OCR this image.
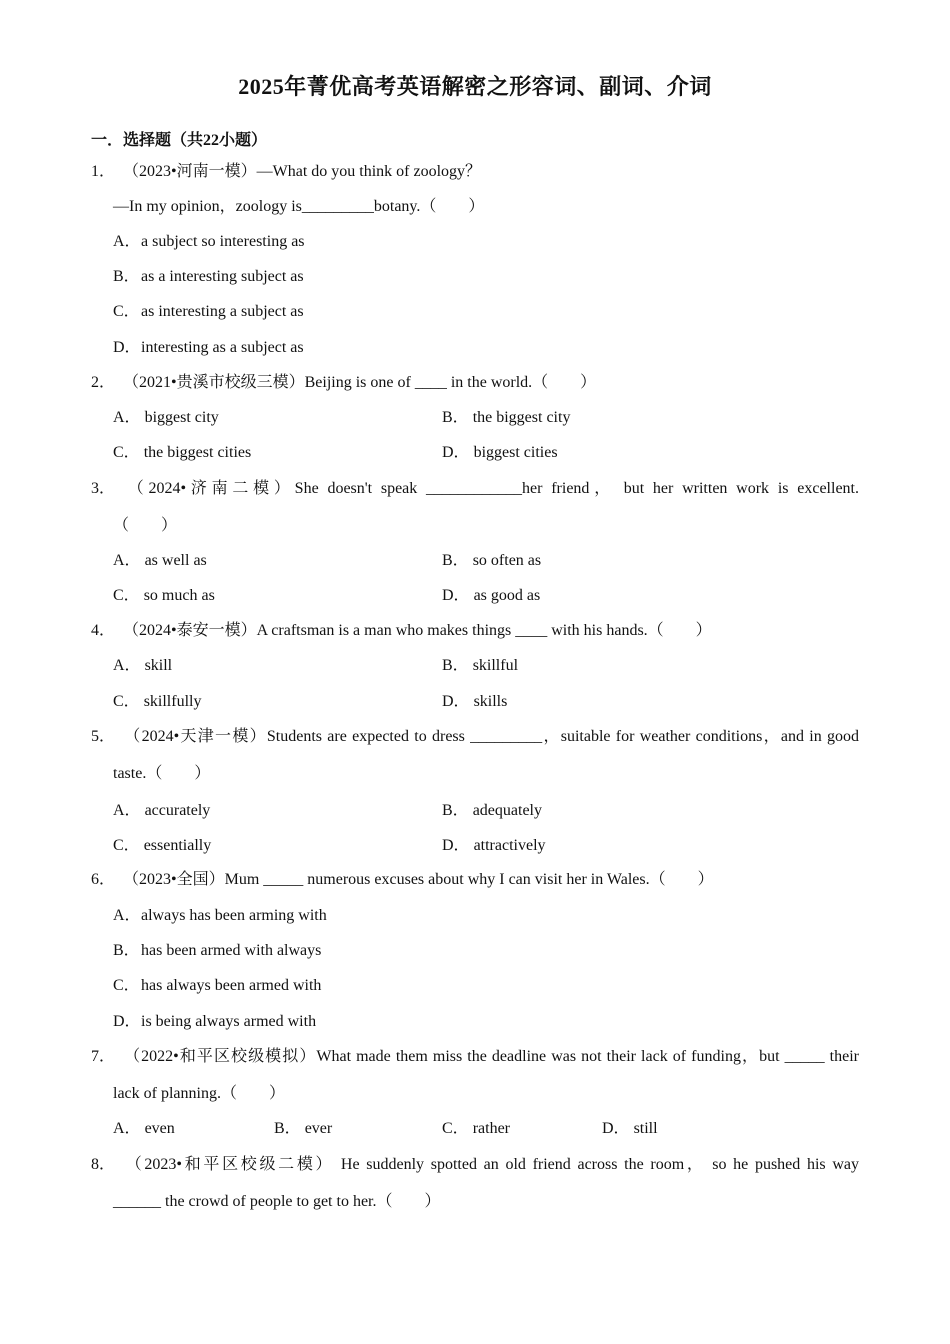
2025年菁优高考英语解密之形容词、副词、介词
一．选择题（共22小题）
1． （2023•河南一模）—What do you think of zoology？
—In my opinion，zoology is_________botany.（　　）
A．a subject so interesting as
B．as a interesting subject as
C．as interesting a subject as
D．interesting as a subject as
2． （2021•贵溪市校级三模）Beijing is one of ____ in the world.（　　）
A． biggest city	B． the biggest city
C． the biggest cities	D． biggest cities
3． （2024•济南二模）She doesn't speak ____________her friend， but her written work is excellent.
（　　）
A． as well as	B． so often as
C． so much as	D． as good as
4． （2024•泰安一模）A craftsman is a man who makes things ____ with his hands.（　　）
A． skill	B． skillful
C． skillfully	D． skills
5． （2024•天津一模）Students are expected to dress _________，suitable for weather conditions，and in good
taste.（　　）
A． accurately	B． adequately
C． essentially	D． attractively
6． （2023•全国）Mum _____ numerous excuses about why I can visit her in Wales.（　　）
A．always has been arming with
B．has been armed with always
C．has always been armed with
D．is being always armed with
7． （2022•和平区校级模拟）What made them miss the deadline was not their lack of funding，but _____ their
lack of planning.（　　）
A． even	B． ever	C． rather	D． still
8． （2023•和平区校级二模） He suddenly spotted an old friend across the room， so he pushed his way
______ the crowd of people to get to her.（　　）
